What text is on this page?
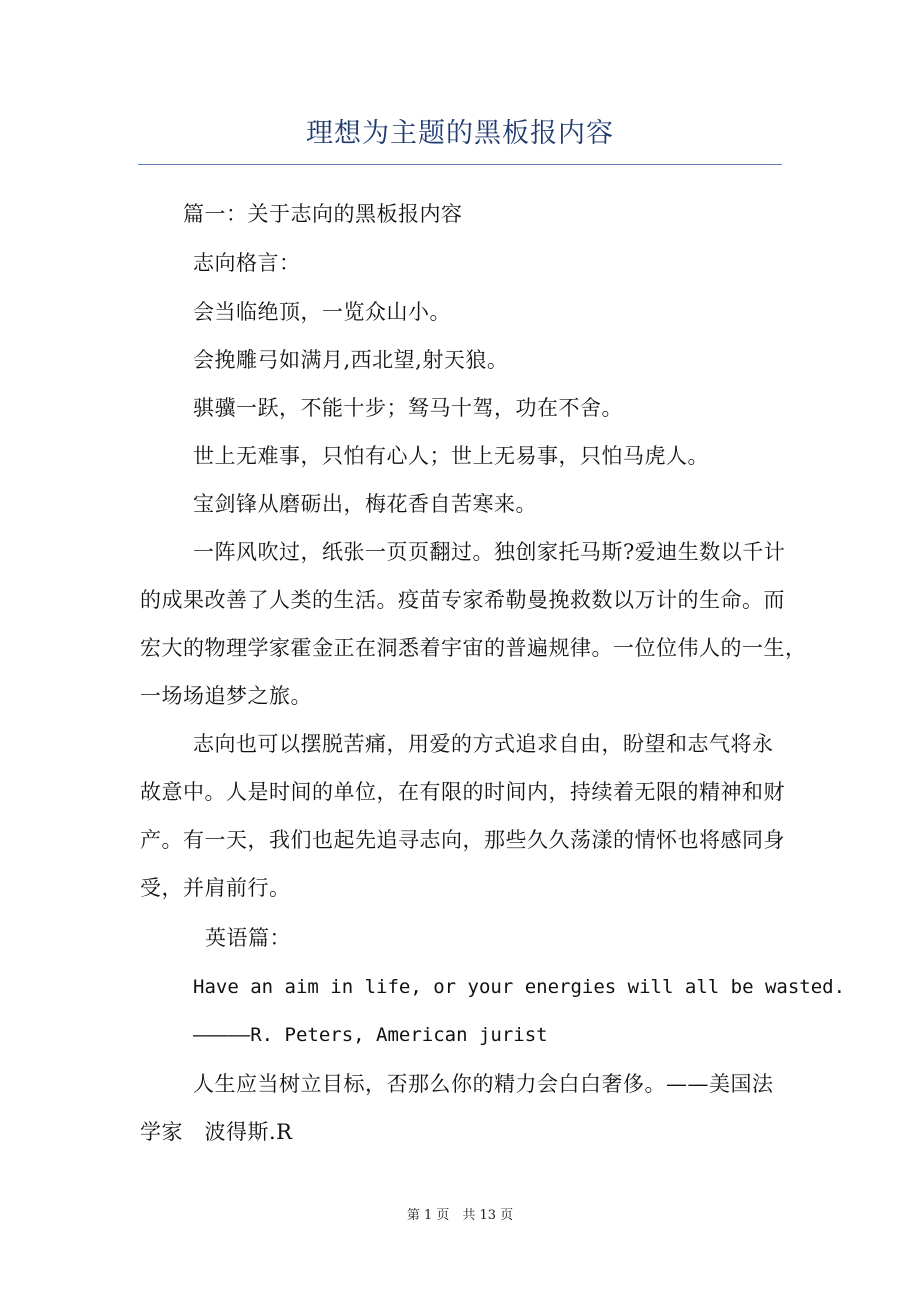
理想为主题的黑板报内容
篇一：关于志向的黑板报内容
志向格言：
会当临绝顶，一览众山小。
会挽雕弓如满月,西北望,射天狼。
骐骥一跃，不能十步；驽马十驾，功在不舍。
世上无难事，只怕有心人；世上无易事，只怕马虎人。
宝剑锋从磨砺出，梅花香自苦寒来。
一阵风吹过，纸张一页页翻过。独创家托马斯?爱迪生数以千计
的成果改善了人类的生活。疫苗专家希勒曼挽救数以万计的生命。而
宏大的物理学家霍金正在洞悉着宇宙的普遍规律。一位位伟人的一生，
一场场追梦之旅。
志向也可以摆脱苦痛，用爱的方式追求自由，盼望和志气将永
故意中。人是时间的单位，在有限的时间内，持续着无限的精神和财
产。有一天，我们也起先追寻志向，那些久久荡漾的情怀也将感同身
受，并肩前行。
英语篇：
Have an aim in life, or your energies will all be wasted.
—————R. Peters, American jurist
人生应当树立目标，否那么你的精力会白白奢侈。——美国法
学家　波得斯.R
第 1 页　共 13 页
